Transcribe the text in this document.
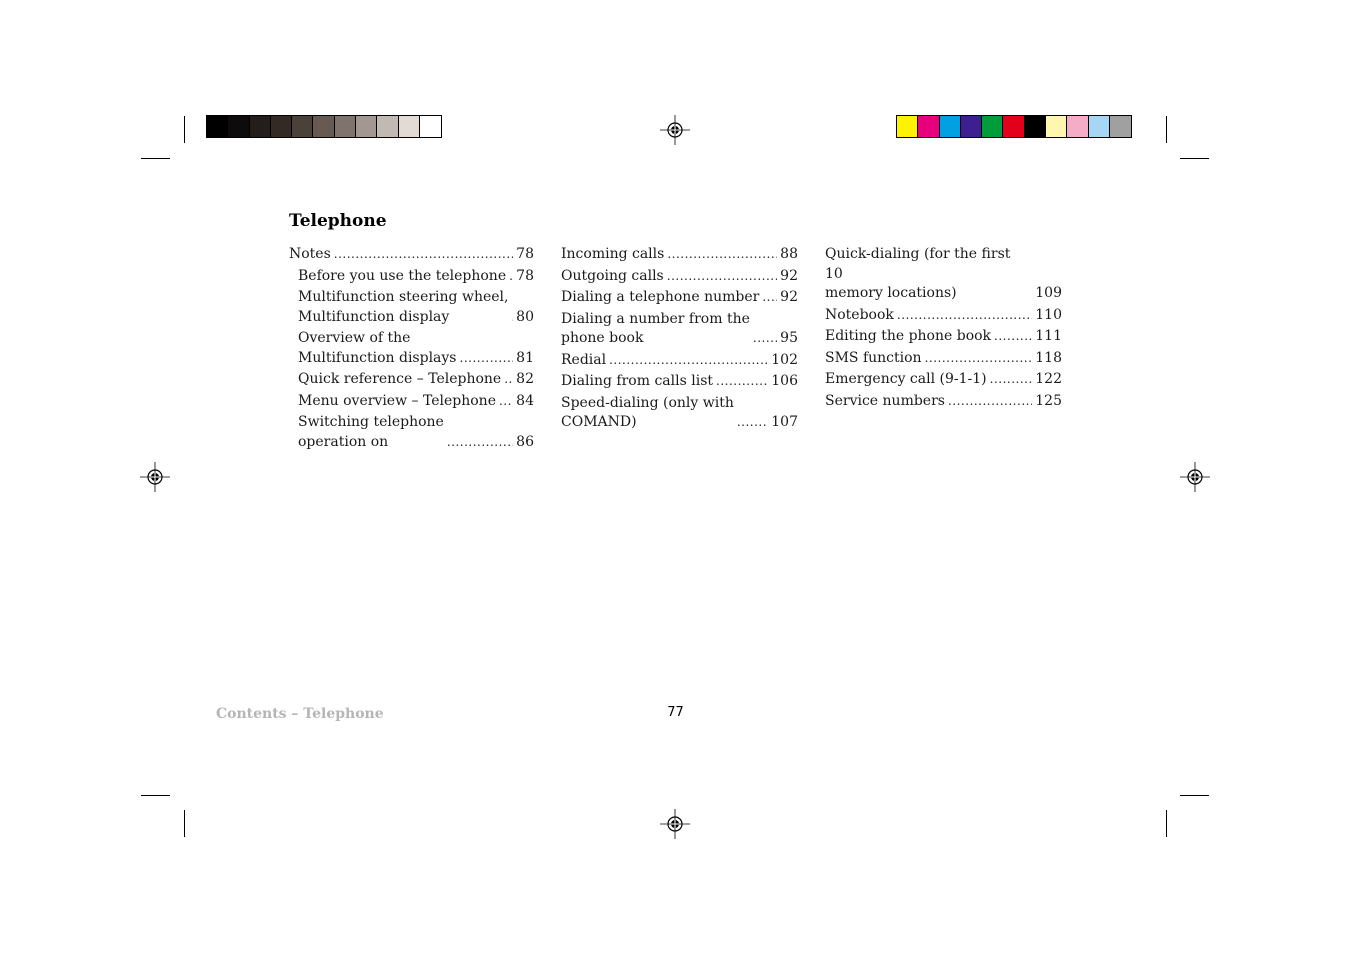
Telephone
Notes .....	78
Before you use the telephone ..... 78
Multifunction steering wheel,
Multifunction display .....	80
Overview of the
Multifunction displays .....	81
Quick reference – Telephone ..... 82
Menu overview – Telephone ..... 84
Switching telephone
operation on .....	86
Incoming calls .....	88
Outgoing calls .....	92
Dialing a telephone number ..... 92
Dialing a number from the
phone book .....	95
Redial .....	102
Dialing from calls list .....	106
Speed-dialing (only with
COMAND) .....	107
Quick-dialing (for the first 10
memory locations)	109
Notebook .....	110
Editing the phone book .....	111
SMS function .....	118
Emergency call (9-1-1) .....	122
Service numbers .....	125
Contents – Telephone	77
